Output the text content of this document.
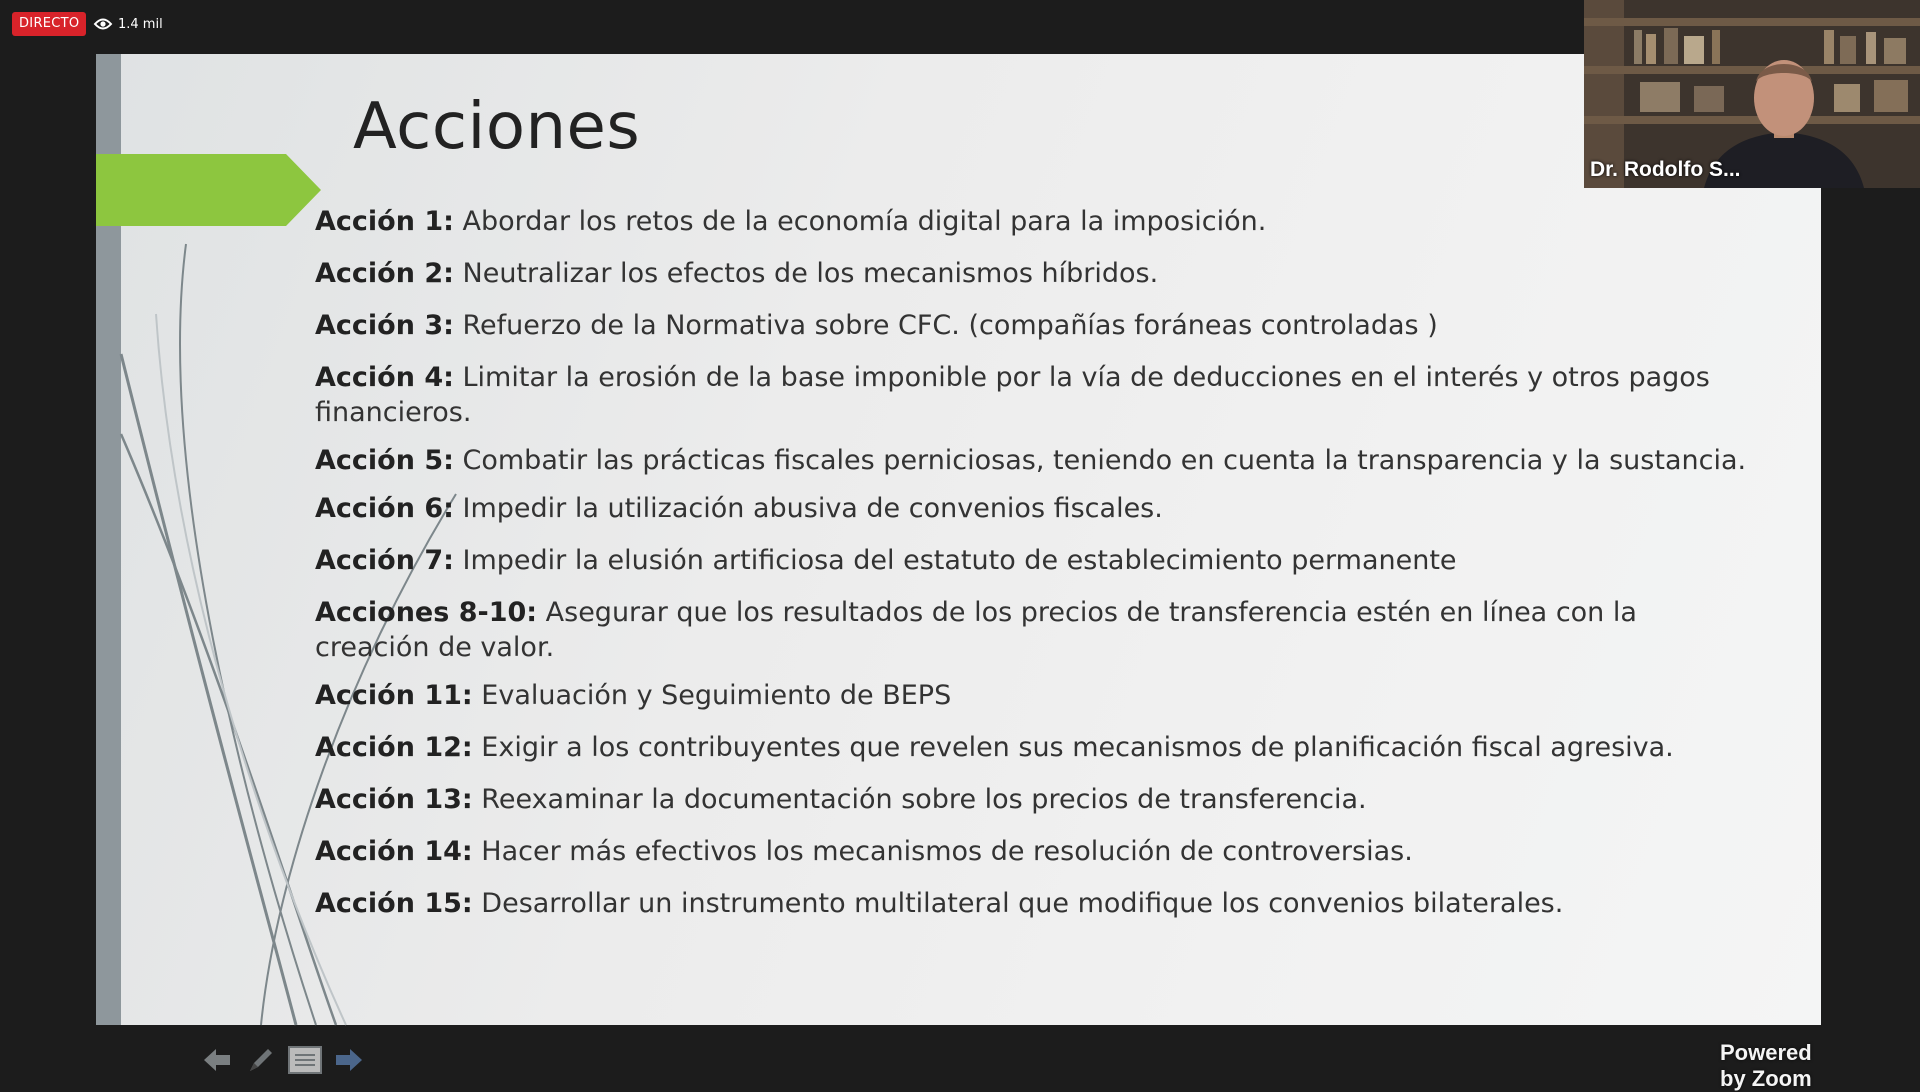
DIRECTO	1.4 mil
Acciones
Acción 1: Abordar los retos de la economía digital para la imposición.
Acción 2: Neutralizar los efectos de los mecanismos híbridos.
Acción 3: Refuerzo de la Normativa sobre CFC. (compañías foráneas controladas )
Acción 4: Limitar la erosión de la base imponible por la vía de deducciones en el interés y otros pagos financieros.
Acción 5: Combatir las prácticas fiscales perniciosas, teniendo en cuenta la transparencia y la sustancia.
Acción 6: Impedir la utilización abusiva de convenios fiscales.
Acción 7: Impedir la elusión artificiosa del estatuto de establecimiento permanente
Acciones 8-10: Asegurar que los resultados de los precios de transferencia estén en línea con la creación de valor.
Acción 11: Evaluación y Seguimiento de BEPS
Acción 12: Exigir a los contribuyentes que revelen sus mecanismos de planificación fiscal agresiva.
Acción 13: Reexaminar la documentación sobre los precios de transferencia.
Acción 14: Hacer más efectivos los mecanismos de resolución de controversias.
Acción 15: Desarrollar un instrumento multilateral que modifique los convenios bilaterales.
Powered by Zoom
Dr. Rodolfo S...
